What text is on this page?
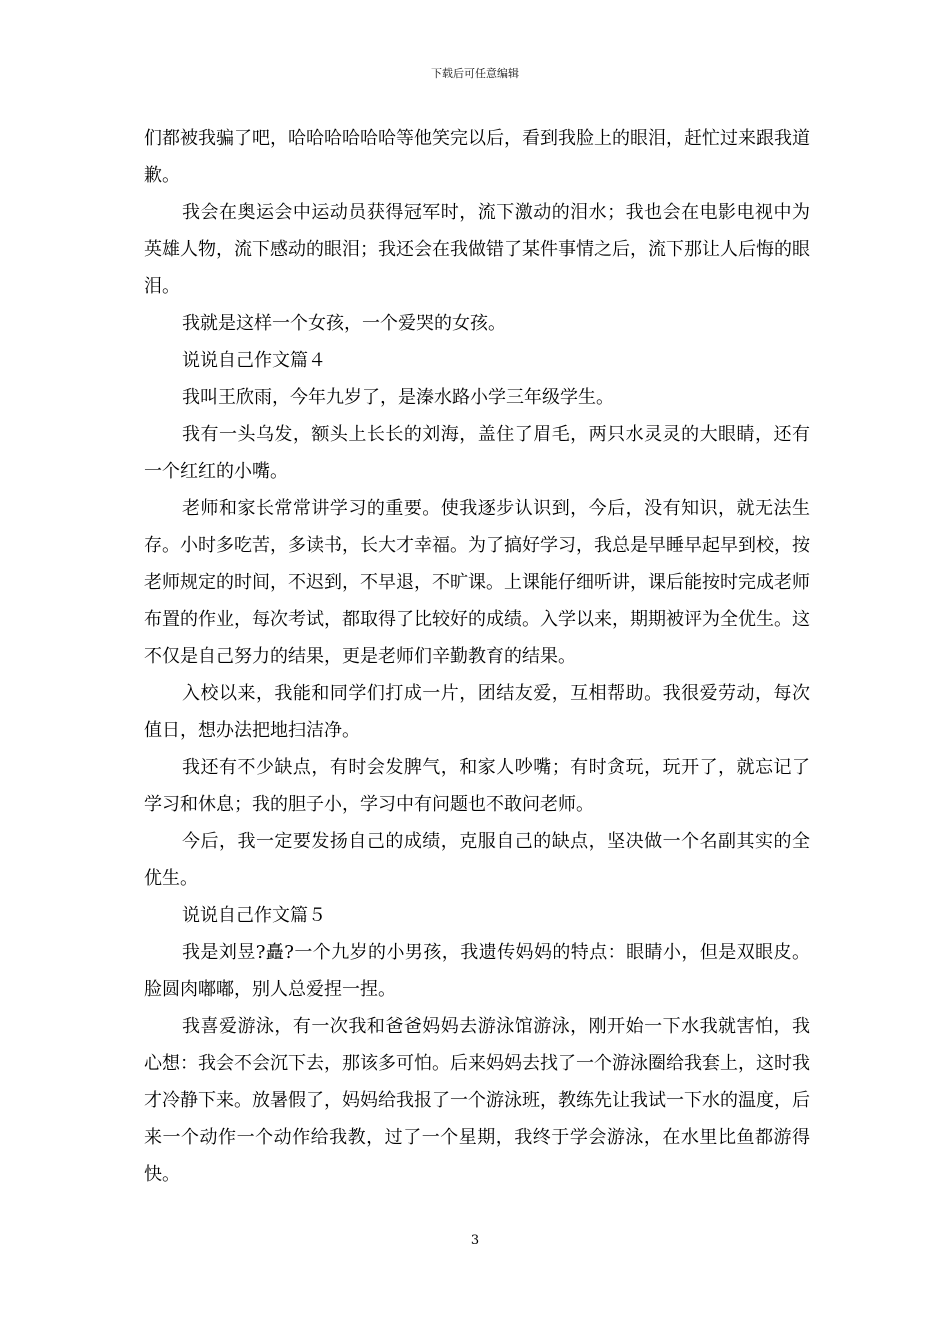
下载后可任意编辑

们都被我骗了吧，哈哈哈哈哈哈等他笑完以后，看到我脸上的眼泪，赶忙过来跟我道歉。

我会在奥运会中运动员获得冠军时，流下激动的泪水；我也会在电影电视中为英雄人物，流下感动的眼泪；我还会在我做错了某件事情之后，流下那让人后悔的眼泪。

我就是这样一个女孩，一个爱哭的女孩。

说说自己作文篇４

我叫王欣雨，今年九岁了，是溱水路小学三年级学生。

我有一头乌发，额头上长长的刘海，盖住了眉毛，两只水灵灵的大眼睛，还有一个红红的小嘴。

老师和家长常常讲学习的重要。使我逐步认识到，今后，没有知识，就无法生存。小时多吃苦，多读书，长大才幸福。为了搞好学习，我总是早睡早起早到校，按老师规定的时间，不迟到，不早退，不旷课。上课能仔细听讲，课后能按时完成老师布置的作业，每次考试，都取得了比较好的成绩。入学以来，期期被评为全优生。这不仅是自己努力的结果，更是老师们辛勤教育的结果。

入校以来，我能和同学们打成一片，团结友爱，互相帮助。我很爱劳动，每次值日，想办法把地扫洁净。

我还有不少缺点，有时会发脾气，和家人吵嘴；有时贪玩，玩开了，就忘记了学习和休息；我的胆子小，学习中有问题也不敢问老师。

今后，我一定要发扬自己的成绩，克服自己的缺点，坚决做一个名副其实的全优生。

说说自己作文篇５

我是刘昱?矗?一个九岁的小男孩，我遗传妈妈的特点：眼睛小，但是双眼皮。脸圆肉嘟嘟，别人总爱捏一捏。

我喜爱游泳，有一次我和爸爸妈妈去游泳馆游泳，刚开始一下水我就害怕，我心想：我会不会沉下去，那该多可怕。后来妈妈去找了一个游泳圈给我套上，这时我才冷静下来。放暑假了，妈妈给我报了一个游泳班，教练先让我试一下水的温度，后来一个动作一个动作给我教，过了一个星期，我终于学会游泳，在水里比鱼都游得快。

3
